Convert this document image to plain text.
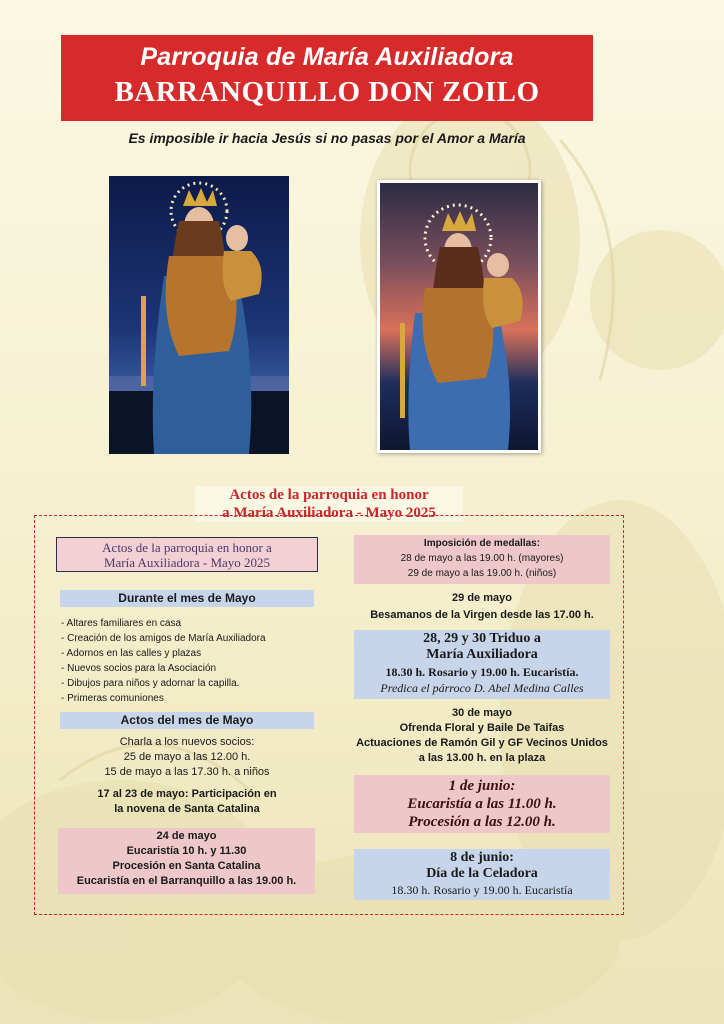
Parroquia de María Auxiliadora
BARRANQUILLO DON ZOILO
Es imposible ir hacia Jesús si no pasas por el Amor a María
Actos de la parroquia en honor
a María Auxiliadora - Mayo 2025
Actos de la parroquia en honor a
María Auxiliadora - Mayo 2025
Durante el mes de Mayo
- Altares familiares en casa
- Creación de los amigos de María Auxiliadora
- Adornos en las calles y plazas
- Nuevos socios para la Asociación
- Dibujos para niños y adornar la capilla.
- Primeras comuniones
Actos del mes de Mayo
Charla a los nuevos socios:
25 de mayo a las 12.00 h.
15 de mayo a las 17.30 h. a niños
17 al 23 de mayo: Participación en
la novena de Santa Catalina
24 de mayo
Eucaristía 10 h. y 11.30
Procesión en Santa Catalina
Eucaristía en el Barranquillo a las 19.00 h.
Imposición de medallas:
28 de mayo a las 19.00 h. (mayores)
29 de mayo a las 19.00 h. (niños)
29 de mayo
Besamanos de la Virgen desde las 17.00 h.
28, 29 y 30 Triduo a
María Auxiliadora
18.30 h. Rosario y 19.00 h. Eucaristía.
Predica el párroco D. Abel Medina Calles
30 de mayo
Ofrenda Floral y Baile De Taifas
Actuaciones de Ramón Gil y GF Vecinos Unidos
a las 13.00 h. en la plaza
1 de junio:
Eucaristía a las 11.00 h.
Procesión a las 12.00 h.
8 de junio:
Día de la Celadora
18.30 h. Rosario y 19.00 h. Eucaristía
